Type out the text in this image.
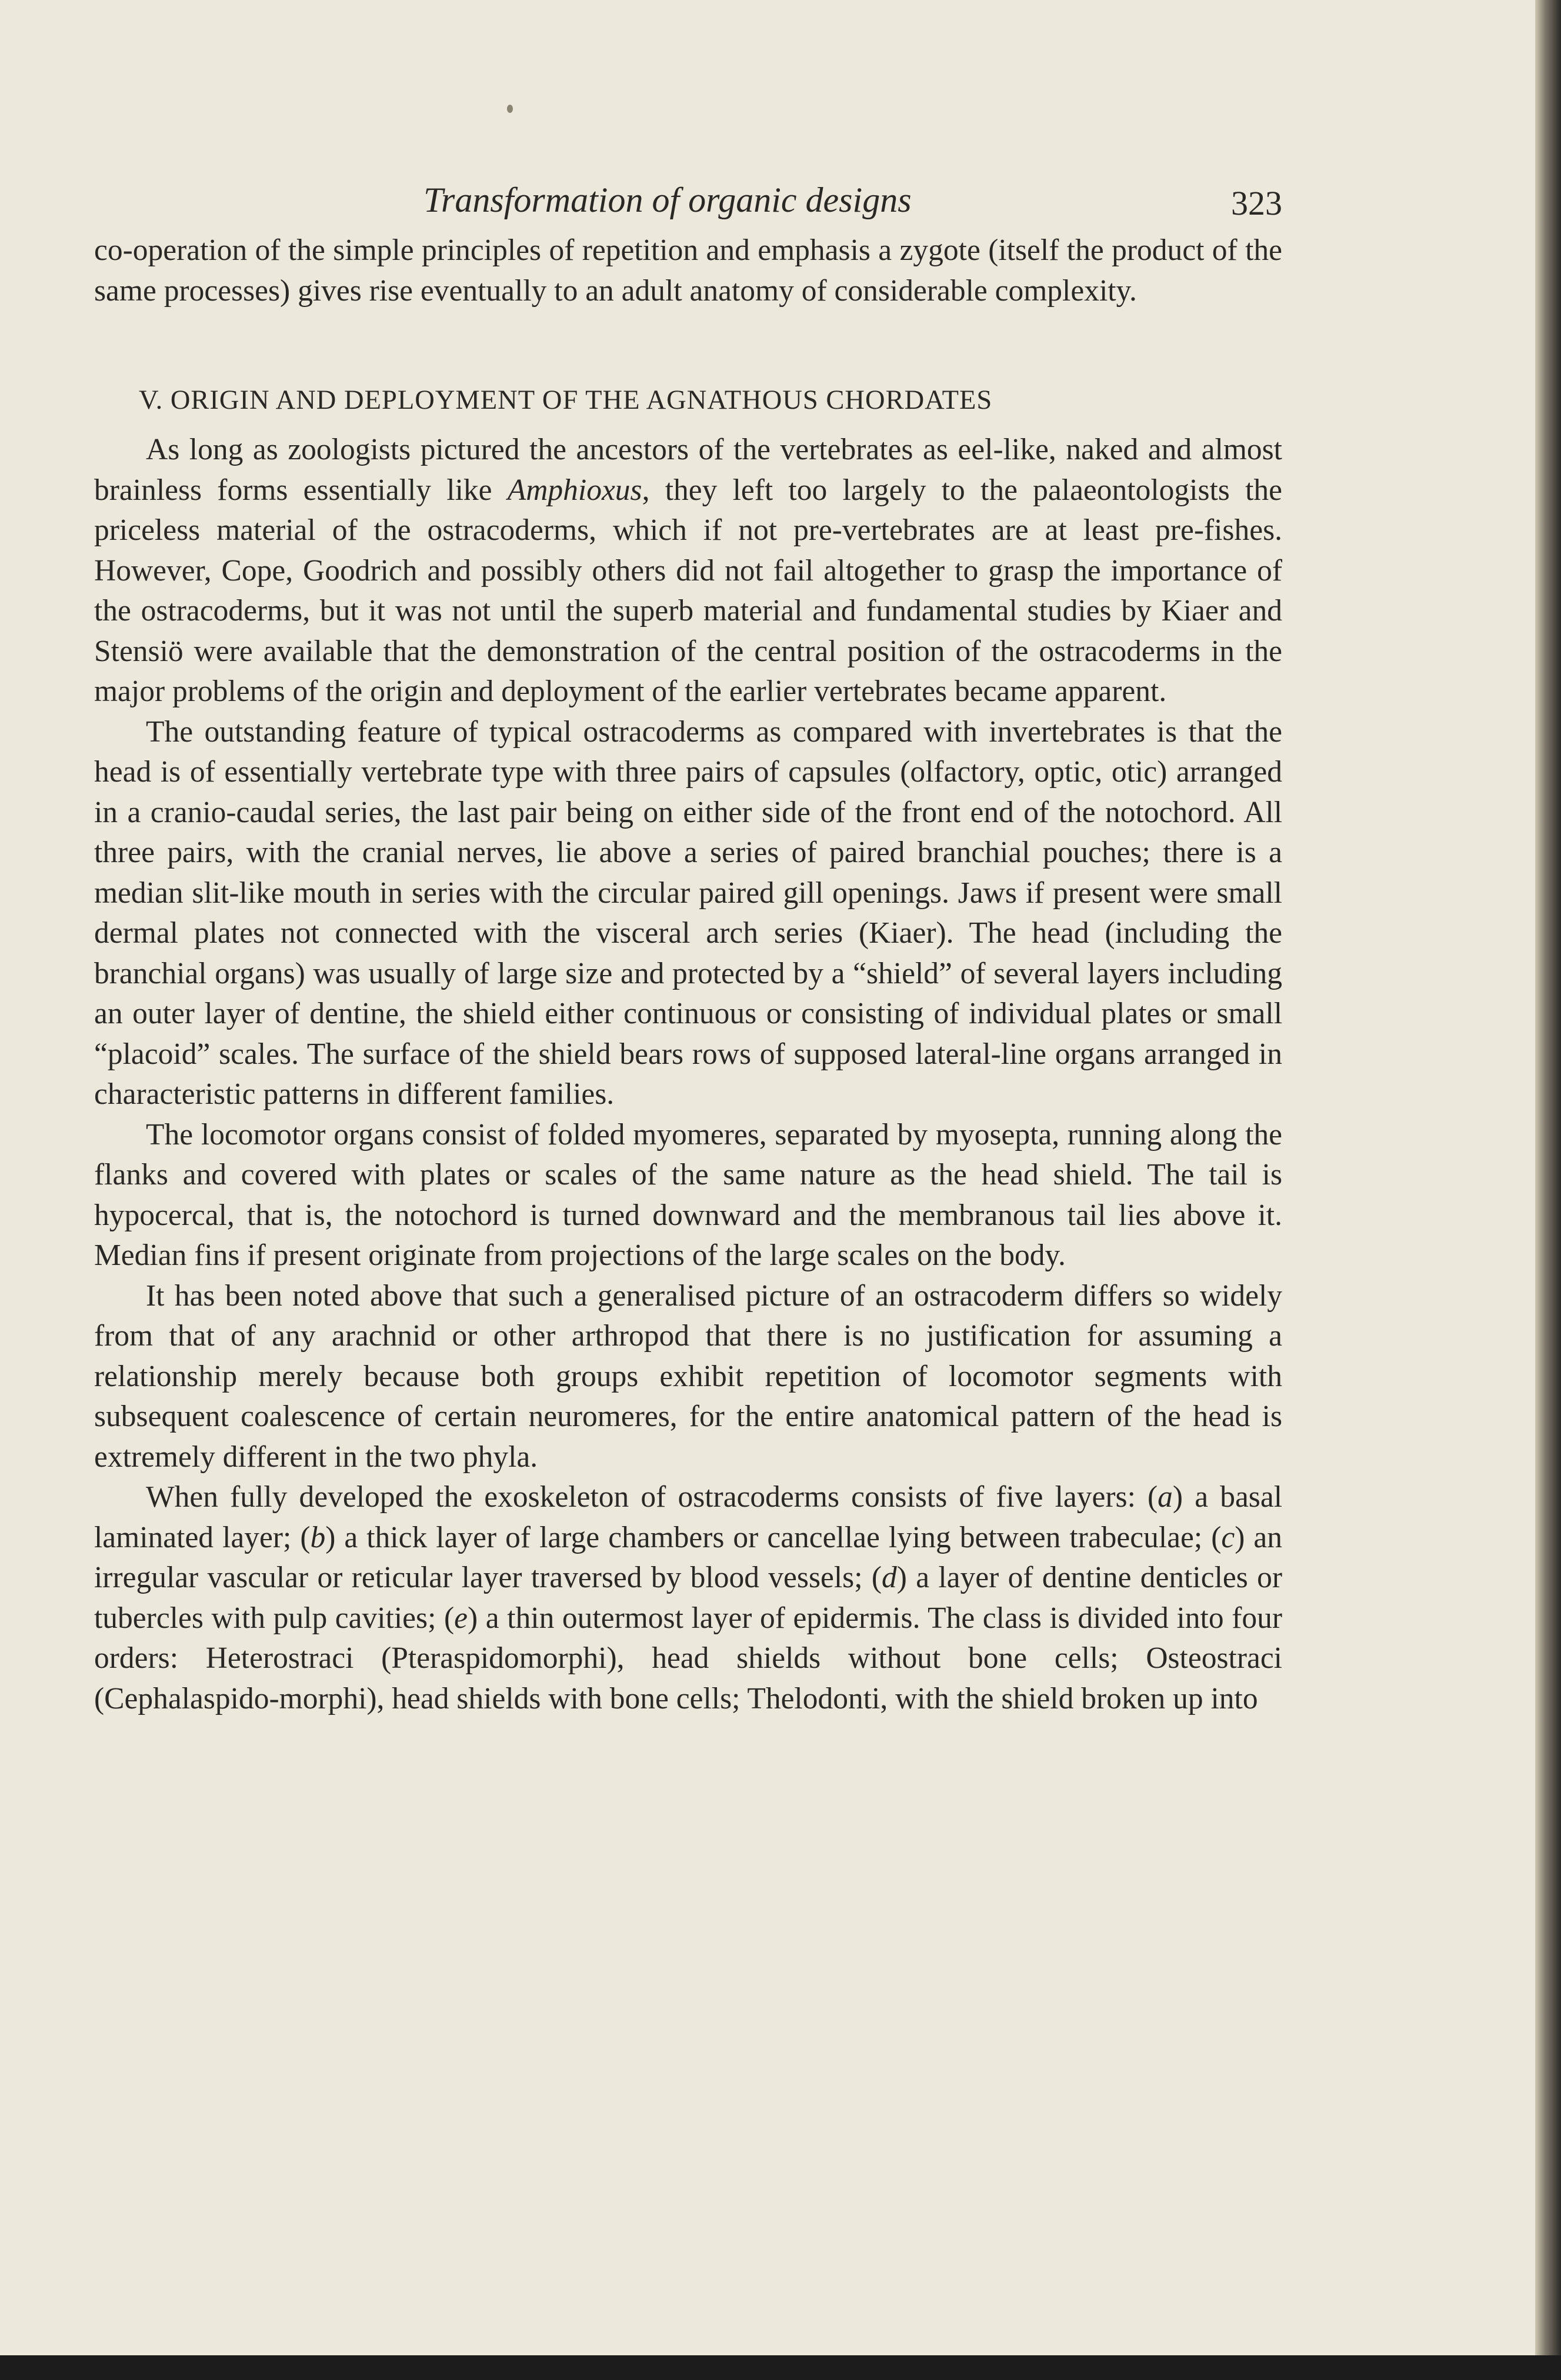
Transformation of organic designs	323

co-operation of the simple principles of repetition and emphasis a zygote (itself the product of the same processes) gives rise eventually to an adult anatomy of considerable complexity.

V. ORIGIN AND DEPLOYMENT OF THE AGNATHOUS CHORDATES

As long as zoologists pictured the ancestors of the vertebrates as eel-like, naked and almost brainless forms essentially like Amphioxus, they left too largely to the palaeontologists the priceless material of the ostracoderms, which if not pre-vertebrates are at least pre-fishes. However, Cope, Goodrich and possibly others did not fail altogether to grasp the importance of the ostracoderms, but it was not until the superb material and fundamental studies by Kiaer and Stensiö were available that the demonstration of the central position of the ostracoderms in the major problems of the origin and deployment of the earlier vertebrates became apparent.

The outstanding feature of typical ostracoderms as compared with invertebrates is that the head is of essentially vertebrate type with three pairs of capsules (olfactory, optic, otic) arranged in a cranio-caudal series, the last pair being on either side of the front end of the notochord. All three pairs, with the cranial nerves, lie above a series of paired branchial pouches; there is a median slit-like mouth in series with the circular paired gill openings. Jaws if present were small dermal plates not connected with the visceral arch series (Kiaer). The head (including the branchial organs) was usually of large size and protected by a “shield” of several layers including an outer layer of dentine, the shield either continuous or consisting of individual plates or small “placoid” scales. The surface of the shield bears rows of supposed lateral-line organs arranged in characteristic patterns in different families.

The locomotor organs consist of folded myomeres, separated by myosepta, running along the flanks and covered with plates or scales of the same nature as the head shield. The tail is hypocercal, that is, the notochord is turned downward and the membranous tail lies above it. Median fins if present originate from projections of the large scales on the body.

It has been noted above that such a generalised picture of an ostracoderm differs so widely from that of any arachnid or other arthropod that there is no justification for assuming a relationship merely because both groups exhibit repetition of locomotor segments with subsequent coalescence of certain neuromeres, for the entire anatomical pattern of the head is extremely different in the two phyla.

When fully developed the exoskeleton of ostracoderms consists of five layers: (a) a basal laminated layer; (b) a thick layer of large chambers or cancellae lying between trabeculae; (c) an irregular vascular or reticular layer traversed by blood vessels; (d) a layer of dentine denticles or tubercles with pulp cavities; (e) a thin outermost layer of epidermis. The class is divided into four orders: Heterostraci (Pteraspidomorphi), head shields without bone cells; Osteostraci (Cephalaspido-morphi), head shields with bone cells; Thelodonti, with the shield broken up into
